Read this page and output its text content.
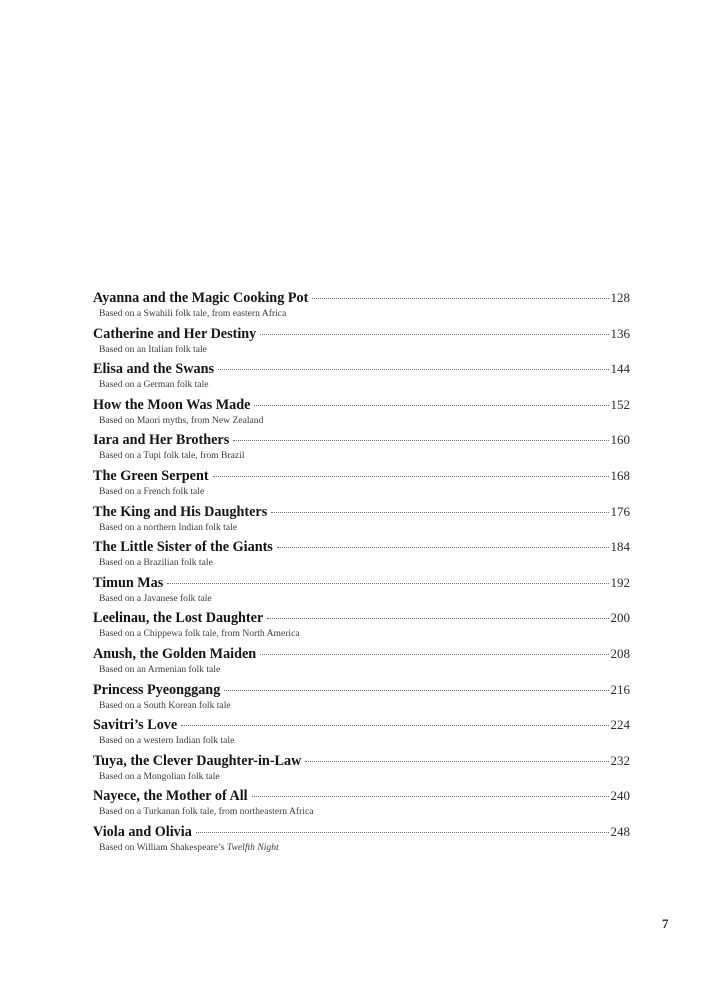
Ayanna and the Magic Cooking Pot	128
Based on a Swahili folk tale, from eastern Africa
Catherine and Her Destiny	136
Based on an Italian folk tale
Elisa and the Swans	144
Based on a German folk tale
How the Moon Was Made	152
Based on Maori myths, from New Zealand
Iara and Her Brothers	160
Based on a Tupi folk tale, from Brazil
The Green Serpent	168
Based on a French folk tale
The King and His Daughters	176
Based on a northern Indian folk tale
The Little Sister of the Giants	184
Based on a Brazilian folk tale
Timun Mas	192
Based on a Javanese folk tale
Leelinau, the Lost Daughter	200
Based on a Chippewa folk tale, from North America
Anush, the Golden Maiden	208
Based on an Armenian folk tale
Princess Pyeonggang	216
Based on a South Korean folk tale
Savitri’s Love	224
Based on a western Indian folk tale
Tuya, the Clever Daughter-in-Law	232
Based on a Mongolian folk tale
Nayece, the Mother of All	240
Based on a Turkanan folk tale, from northeastern Africa
Viola and Olivia	248
Based on William Shakespeare’s Twelfth Night
7
